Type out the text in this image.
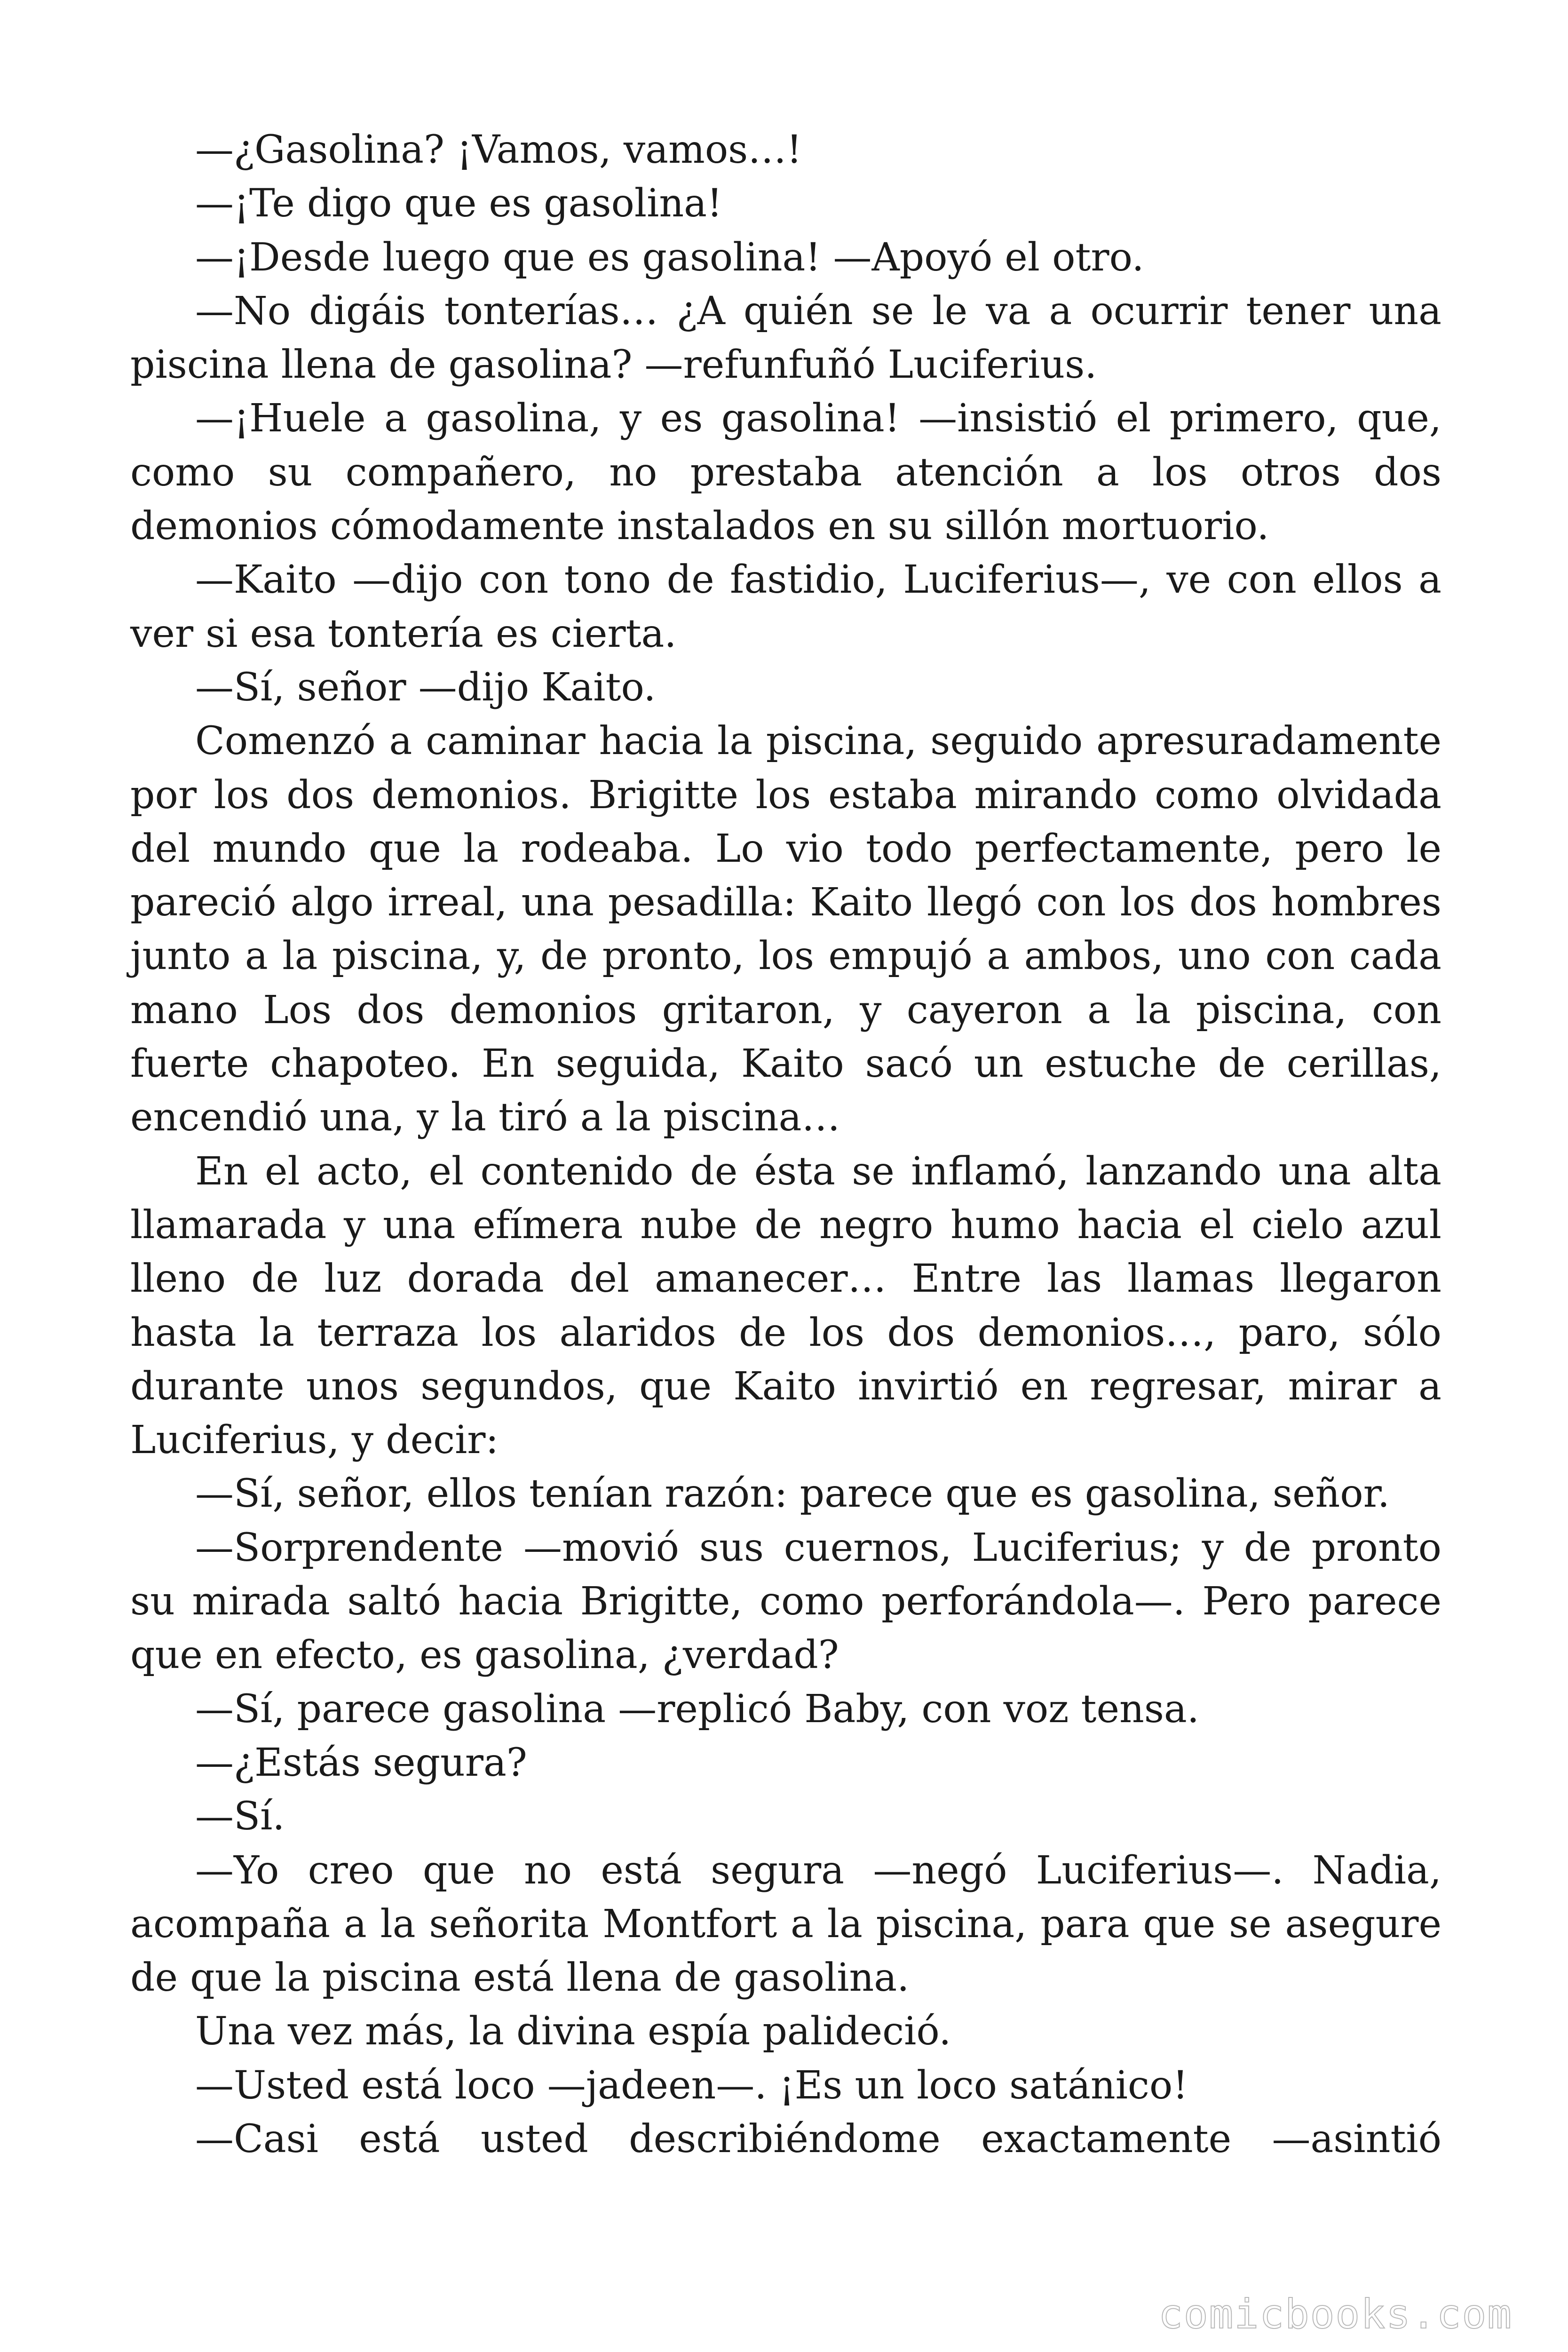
—¿Gasolina? ¡Vamos, vamos…!

—¡Te digo que es gasolina!

—¡Desde luego que es gasolina! —Apoyó el otro.

—No digáis tonterías… ¿A quién se le va a ocurrir tener una piscina llena de gasolina? —refunfuñó Luciferius.

—¡Huele a gasolina, y es gasolina! —insistió el primero, que, como su compañero, no prestaba atención a los otros dos demonios cómodamente instalados en su sillón mortuorio.

—Kaito —dijo con tono de fastidio, Luciferius—, ve con ellos a ver si esa tontería es cierta.

—Sí, señor —dijo Kaito.

Comenzó a caminar hacia la piscina, seguido apresuradamente por los dos demonios. Brigitte los estaba mirando como olvidada del mundo que la rodeaba. Lo vio todo perfectamente, pero le pareció algo irreal, una pesadilla: Kaito llegó con los dos hombres junto a la piscina, y, de pronto, los empujó a ambos, uno con cada mano Los dos demonios gritaron, y cayeron a la piscina, con fuerte chapoteo. En seguida, Kaito sacó un estuche de cerillas, encendió una, y la tiró a la piscina…

En el acto, el contenido de ésta se inflamó, lanzando una alta llamarada y una efímera nube de negro humo hacia el cielo azul lleno de luz dorada del amanecer… Entre las llamas llegaron hasta la terraza los alaridos de los dos demonios…, paro, sólo durante unos segundos, que Kaito invirtió en regresar, mirar a Luciferius, y decir:

—Sí, señor, ellos tenían razón: parece que es gasolina, señor.

—Sorprendente —movió sus cuernos, Luciferius; y de pronto su mirada saltó hacia Brigitte, como perforándola—. Pero parece que en efecto, es gasolina, ¿verdad?

—Sí, parece gasolina —replicó Baby, con voz tensa.

—¿Estás segura?

—Sí.

—Yo creo que no está segura —negó Luciferius—. Nadia, acompaña a la señorita Montfort a la piscina, para que se asegure de que la piscina está llena de gasolina.

Una vez más, la divina espía palideció.

—Usted está loco —jadeen—. ¡Es un loco satánico!

—Casi está usted describiéndome exactamente —asintió

comicbooks.com
